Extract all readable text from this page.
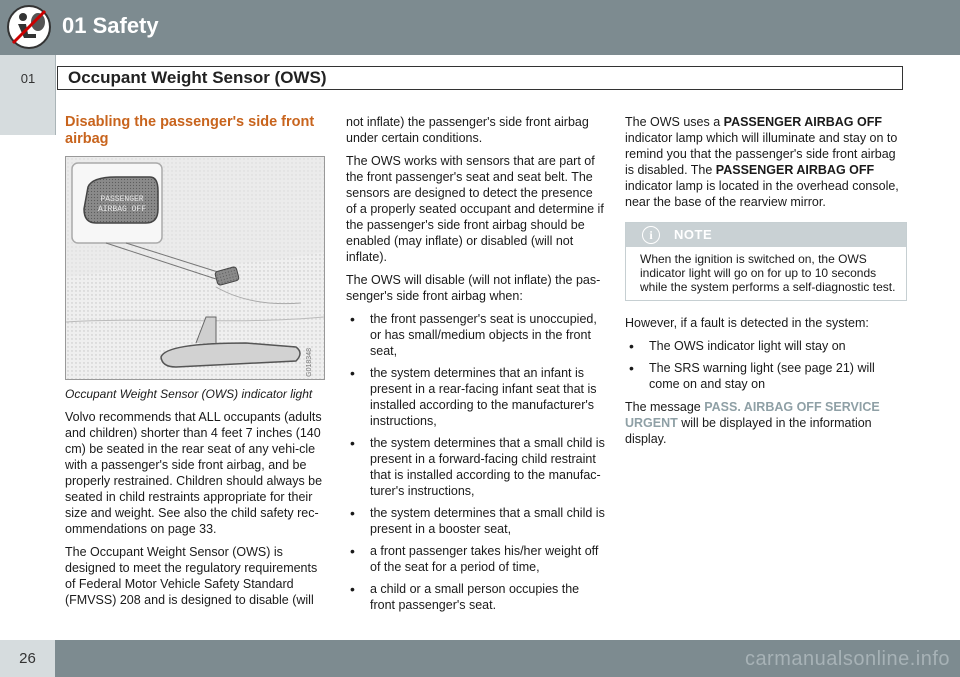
01 Safety
01	Occupant Weight Sensor (OWS)
Disabling the passenger's side front airbag
PASSENGER
AIRBAG OFF
G018348

Occupant Weight Sensor (OWS) indicator light

Volvo recommends that ALL occupants (adults and children) shorter than 4 feet 7 inches (140 cm) be seated in the rear seat of any vehi-cle with a passenger's side front airbag, and be properly restrained. Children should always be seated in child restraints appropriate for their size and weight. See also the child safety rec-ommendations on page 33.

The Occupant Weight Sensor (OWS) is designed to meet the regulatory requirements of Federal Motor Vehicle Safety Standard (FMVSS) 208 and is designed to disable (will

not inflate) the passenger's side front airbag under certain conditions.

The OWS works with sensors that are part of the front passenger's seat and seat belt. The sensors are designed to detect the presence of a properly seated occupant and determine if the passenger's side front airbag should be enabled (may inflate) or disabled (will not inflate).

The OWS will disable (will not inflate) the pas-senger's side front airbag when:

• the front passenger's seat is unoccupied, or has small/medium objects in the front seat,
• the system determines that an infant is present in a rear-facing infant seat that is installed according to the manufacturer's instructions,
• the system determines that a small child is present in a forward-facing child restraint that is installed according to the manufac-turer's instructions,
• the system determines that a small child is present in a booster seat,
• a front passenger takes his/her weight off of the seat for a period of time,
• a child or a small person occupies the front passenger's seat.

The OWS uses a PASSENGER AIRBAG OFF indicator lamp which will illuminate and stay on to remind you that the passenger's side front airbag is disabled. The PASSENGER AIRBAG OFF indicator lamp is located in the overhead console, near the base of the rearview mirror.

i	NOTE
When the ignition is switched on, the OWS indicator light will go on for up to 10 seconds while the system performs a self-diagnostic test.

However, if a fault is detected in the system:

• The OWS indicator light will stay on
• The SRS warning light (see page 21) will come on and stay on

The message PASS. AIRBAG OFF SERVICE URGENT will be displayed in the information display.

26	carmanualsonline.info
